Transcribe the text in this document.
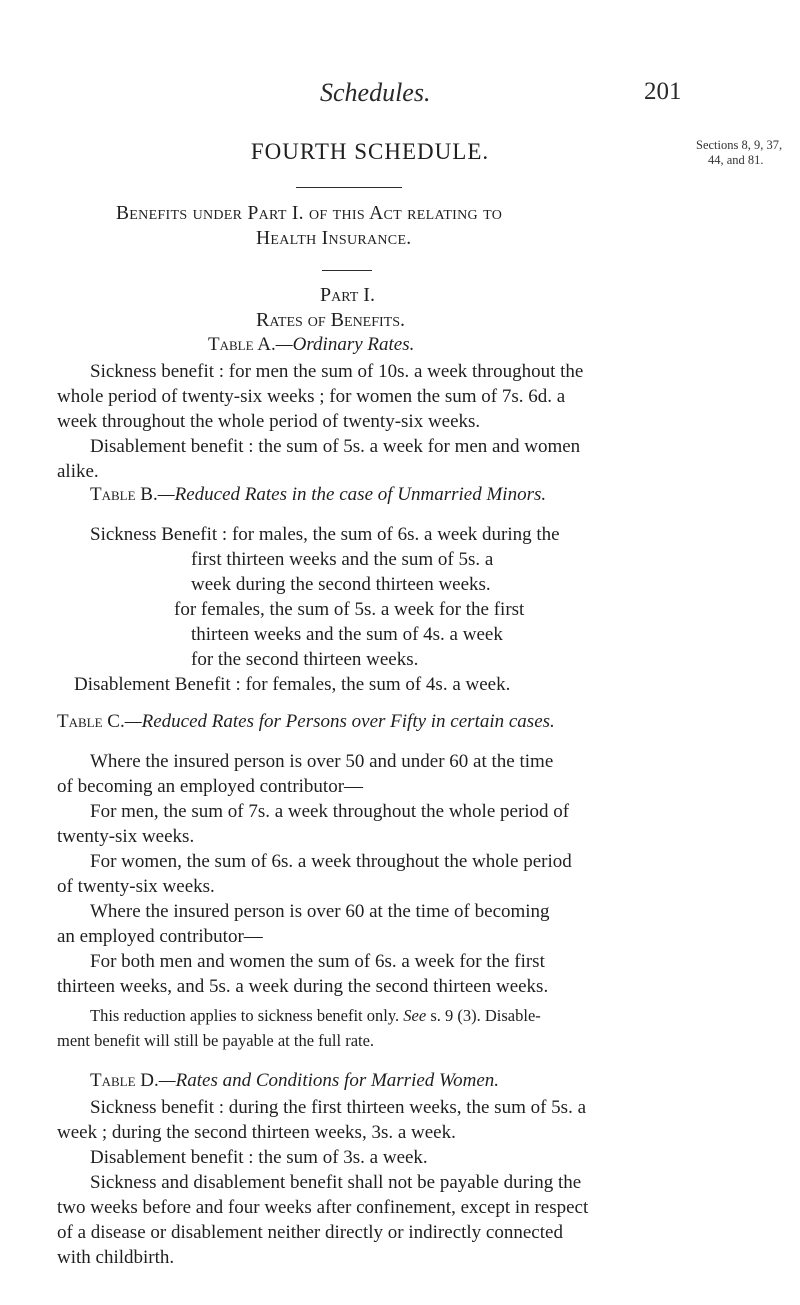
Schedules.	201
FOURTH SCHEDULE.	Sections 8, 9, 37,
44, and 81.
Benefits under Part I. of this Act relating to
Health Insurance.
Part I.
Rates of Benefits.
Table A.—Ordinary Rates.
Sickness benefit : for men the sum of 10s. a week throughout the
whole period of twenty-six weeks ; for women the sum of 7s. 6d. a
week throughout the whole period of twenty-six weeks.
Disablement benefit : the sum of 5s. a week for men and women
alike.
Table B.—Reduced Rates in the case of Unmarried Minors.
Sickness Benefit : for males, the sum of 6s. a week during the
first thirteen weeks and the sum of 5s. a
week during the second thirteen weeks.
for females, the sum of 5s. a week for the first
thirteen weeks and the sum of 4s. a week
for the second thirteen weeks.
Disablement Benefit : for females, the sum of 4s. a week.
Table C.—Reduced Rates for Persons over Fifty in certain cases.
Where the insured person is over 50 and under 60 at the time
of becoming an employed contributor—
For men, the sum of 7s. a week throughout the whole period of
twenty-six weeks.
For women, the sum of 6s. a week throughout the whole period
of twenty-six weeks.
Where the insured person is over 60 at the time of becoming
an employed contributor—
For both men and women the sum of 6s. a week for the first
thirteen weeks, and 5s. a week during the second thirteen weeks.
This reduction applies to sickness benefit only. See s. 9 (3). Disable-
ment benefit will still be payable at the full rate.
Table D.—Rates and Conditions for Married Women.
Sickness benefit : during the first thirteen weeks, the sum of 5s. a
week ; during the second thirteen weeks, 3s. a week.
Disablement benefit : the sum of 3s. a week.
Sickness and disablement benefit shall not be payable during the
two weeks before and four weeks after confinement, except in respect
of a disease or disablement neither directly or indirectly connected
with childbirth.
